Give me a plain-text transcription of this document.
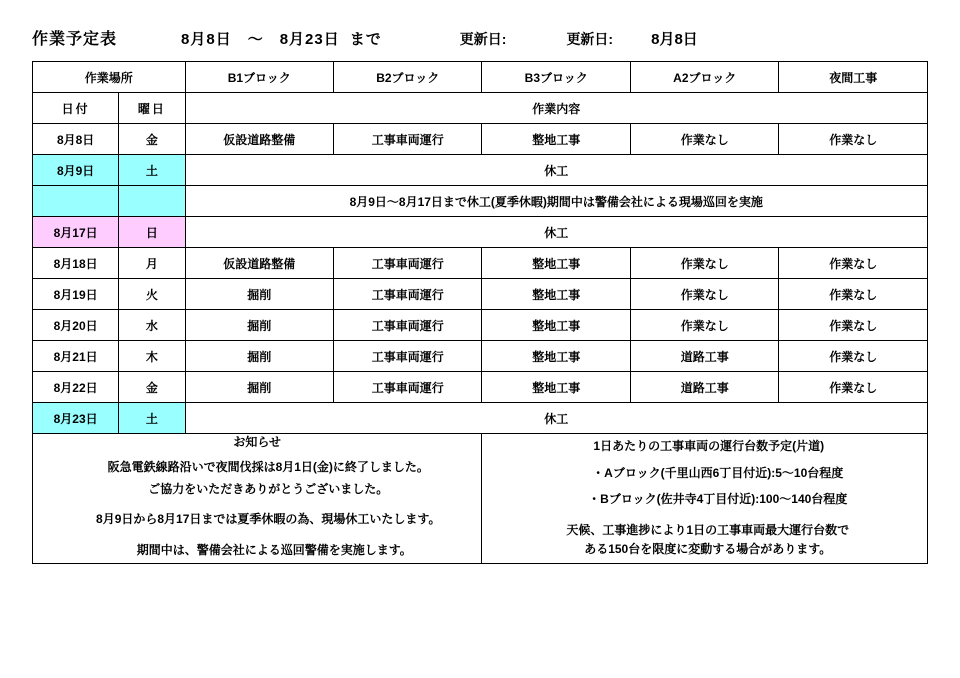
作業予定表	8月8日 〜 8月23日 まで	更新日:	更新日:	8月8日
作業場所		B1ブロック	B2ブロック	B3ブロック	A2ブロック	夜間工事
日付	曜日	作業内容				
8月8日	金	仮設道路整備	工事車両運行	整地工事	作業なし	作業なし
8月9日	土	休工				
		8月9日〜8月17日まで休工(夏季休暇)期間中は警備会社による現場巡回を実施				
8月17日	日	休工				
8月18日	月	仮設道路整備	工事車両運行	整地工事	作業なし	作業なし
8月19日	火	掘削	工事車両運行	整地工事	作業なし	作業なし
8月20日	水	掘削	工事車両運行	整地工事	作業なし	作業なし
8月21日	木	掘削	工事車両運行	整地工事	道路工事	作業なし
8月22日	金	掘削	工事車両運行	整地工事	道路工事	作業なし
8月23日	土	休工				

お知らせ
阪急電鉄線路沿いで夜間伐採は8月1日(金)に終了しました。
ご協力をいただきありがとうございました。
8月9日から8月17日までは夏季休暇の為、現場休工いたします。
期間中は、警備会社による巡回警備を実施します。

1日あたりの工事車両の運行台数予定(片道)
・Aブロック(千里山西6丁目付近):5〜10台程度
・Bブロック(佐井寺4丁目付近):100〜140台程度
天候、工事進捗により1日の工事車両最大運行台数で
ある150台を限度に変動する場合があります。
